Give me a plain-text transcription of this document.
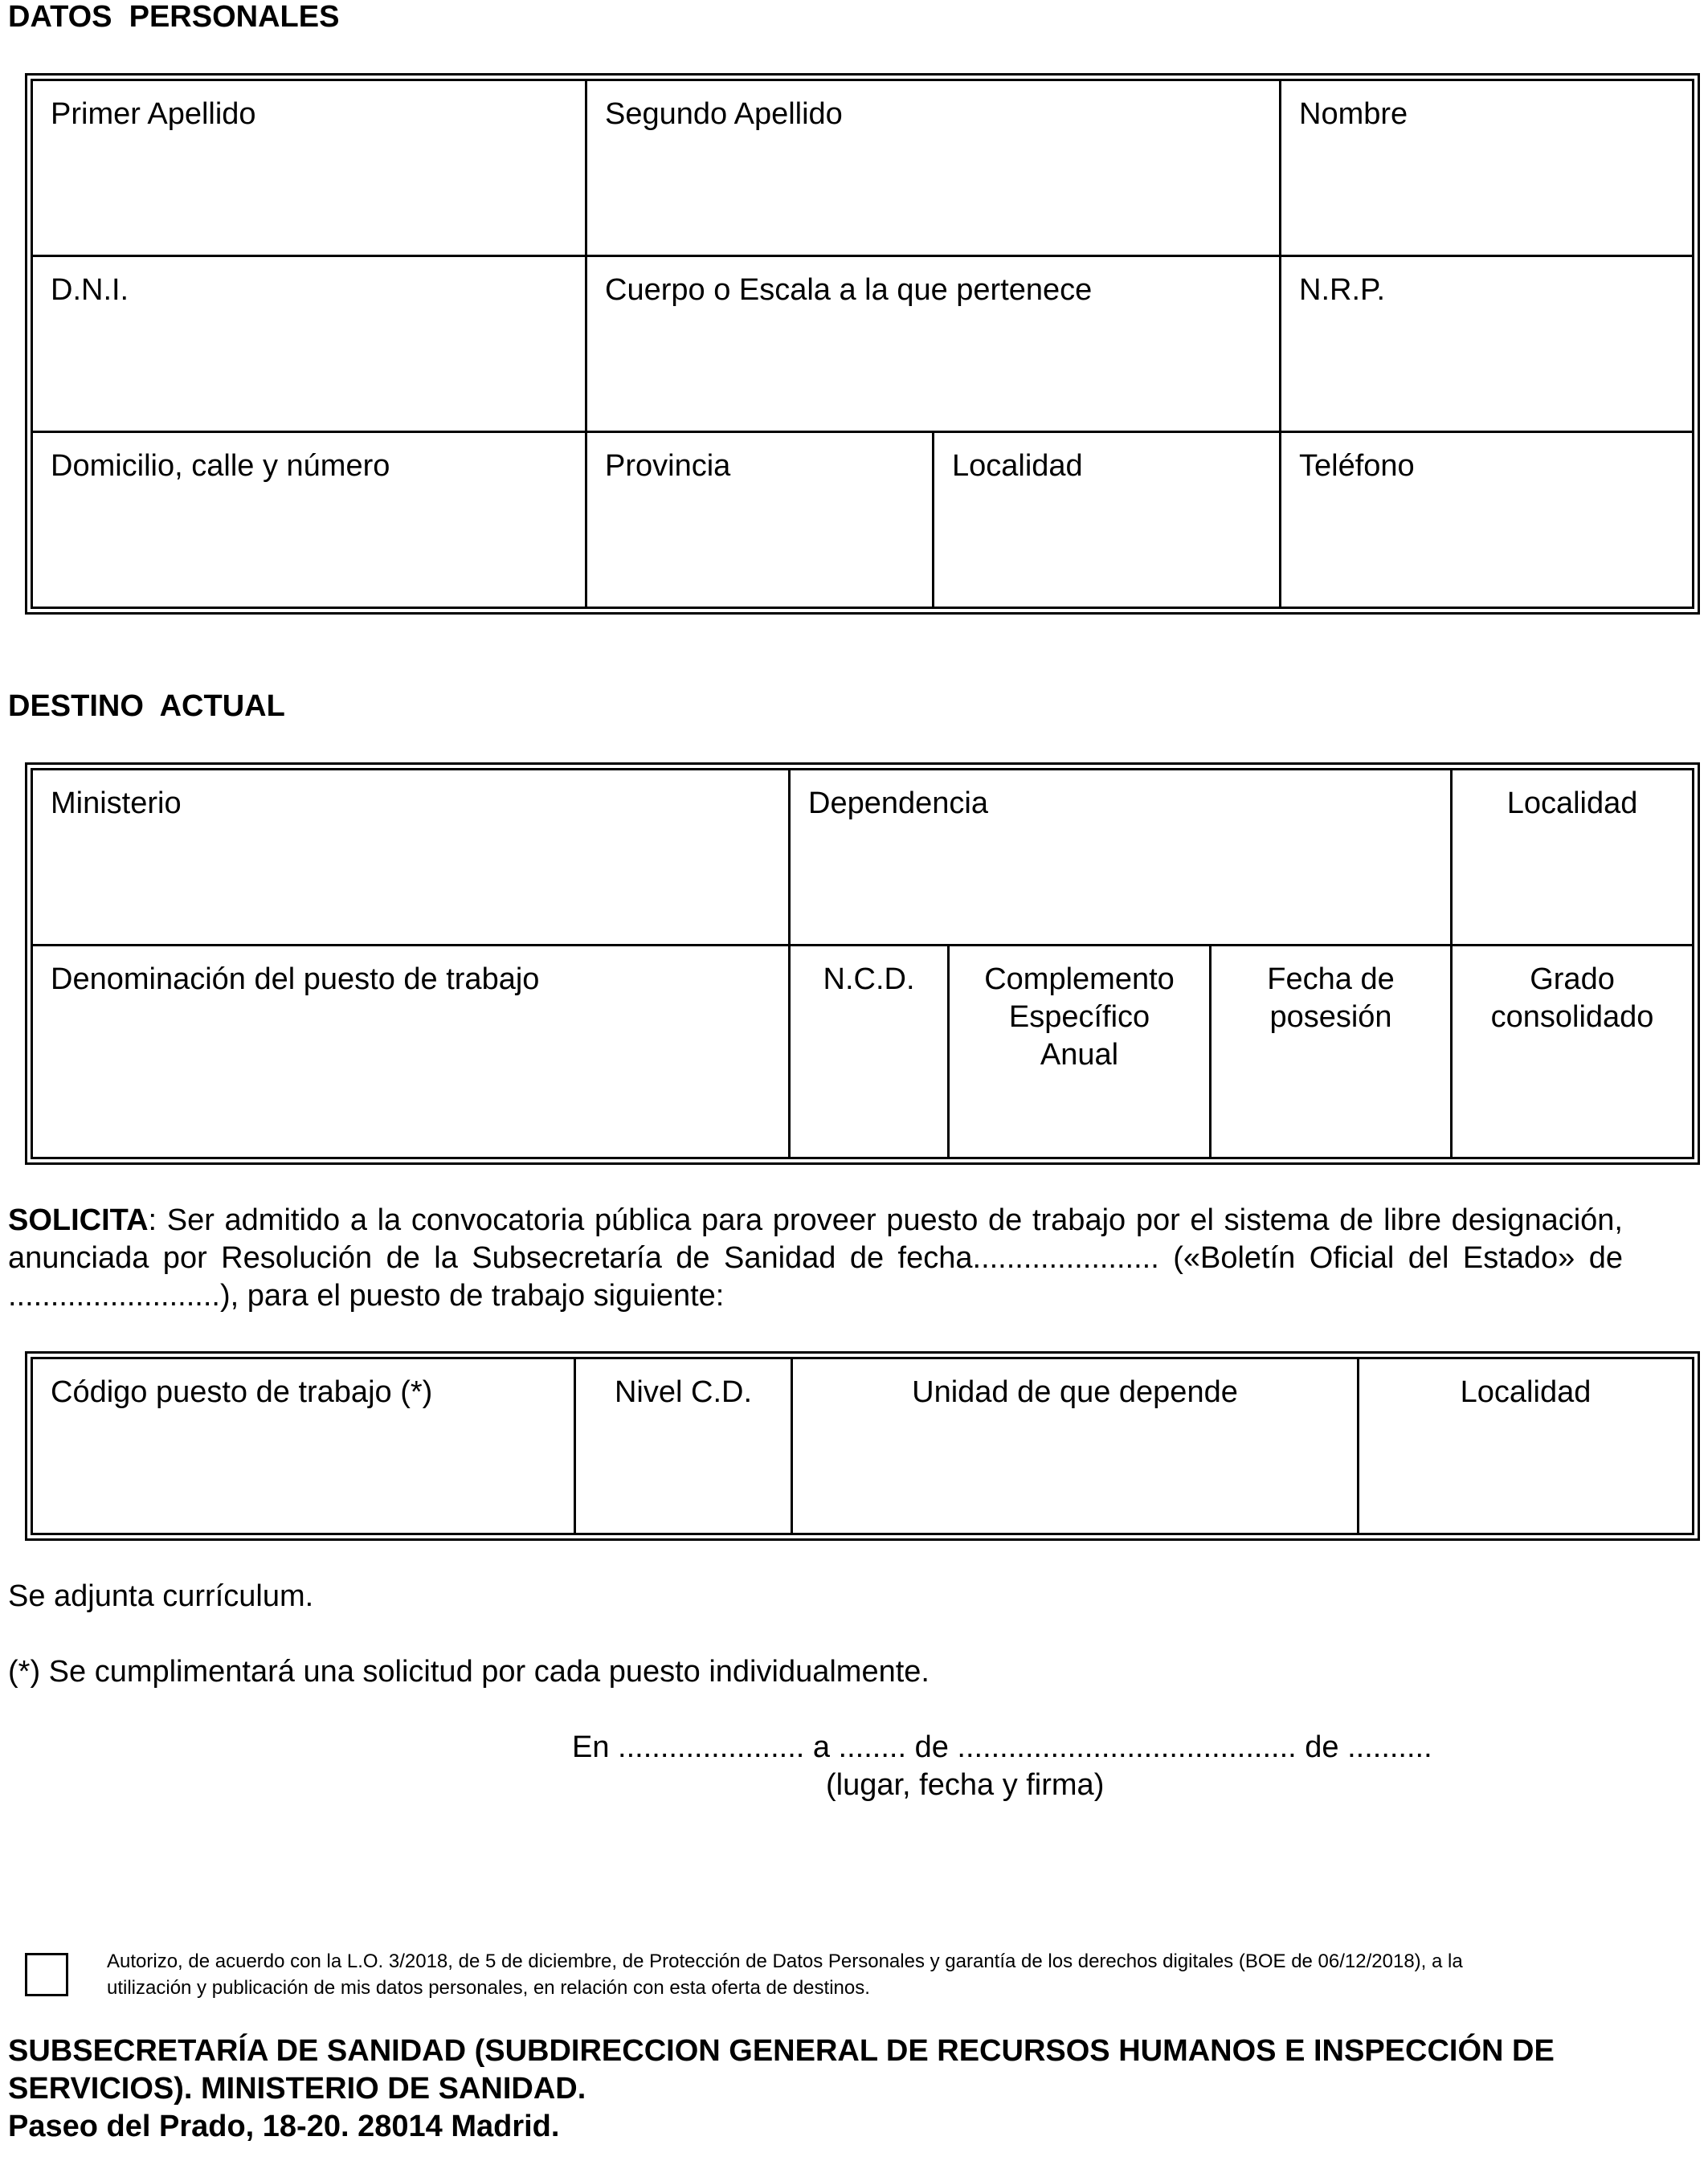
DATOS  PERSONALES
Primer Apellido	Segundo Apellido		Nombre
D.N.I.	Cuerpo o Escala a la que pertenece		N.R.P.
Domicilio, calle y número	Provincia	Localidad	Teléfono
DESTINO  ACTUAL
Ministerio	Dependencia			Localidad
Denominación del puesto de trabajo	N.C.D.	Complemento Específico Anual	Fecha de posesión	Grado consolidado
SOLICITA: Ser admitido a la convocatoria pública para proveer puesto de trabajo por el sistema de libre designación, anunciada por Resolución de la Subsecretaría de Sanidad de fecha...................... («Boletín Oficial del Estado» de .........................), para el puesto de trabajo siguiente:
Código puesto de trabajo (*)	Nivel C.D.	Unidad de que depende	Localidad
Se adjunta currículum.
(*) Se cumplimentará una solicitud por cada puesto individualmente.
En ...................... a ........ de ........................................ de ..........
(lugar, fecha y firma)
Autorizo, de acuerdo con la L.O. 3/2018, de 5 de diciembre, de Protección de Datos Personales y garantía de los derechos digitales (BOE de 06/12/2018), a la utilización y publicación de mis datos personales, en relación con esta oferta de destinos.
SUBSECRETARÍA DE SANIDAD (SUBDIRECCION GENERAL DE RECURSOS HUMANOS E INSPECCIÓN DE SERVICIOS). MINISTERIO DE SANIDAD.
Paseo del Prado, 18-20. 28014 Madrid.
